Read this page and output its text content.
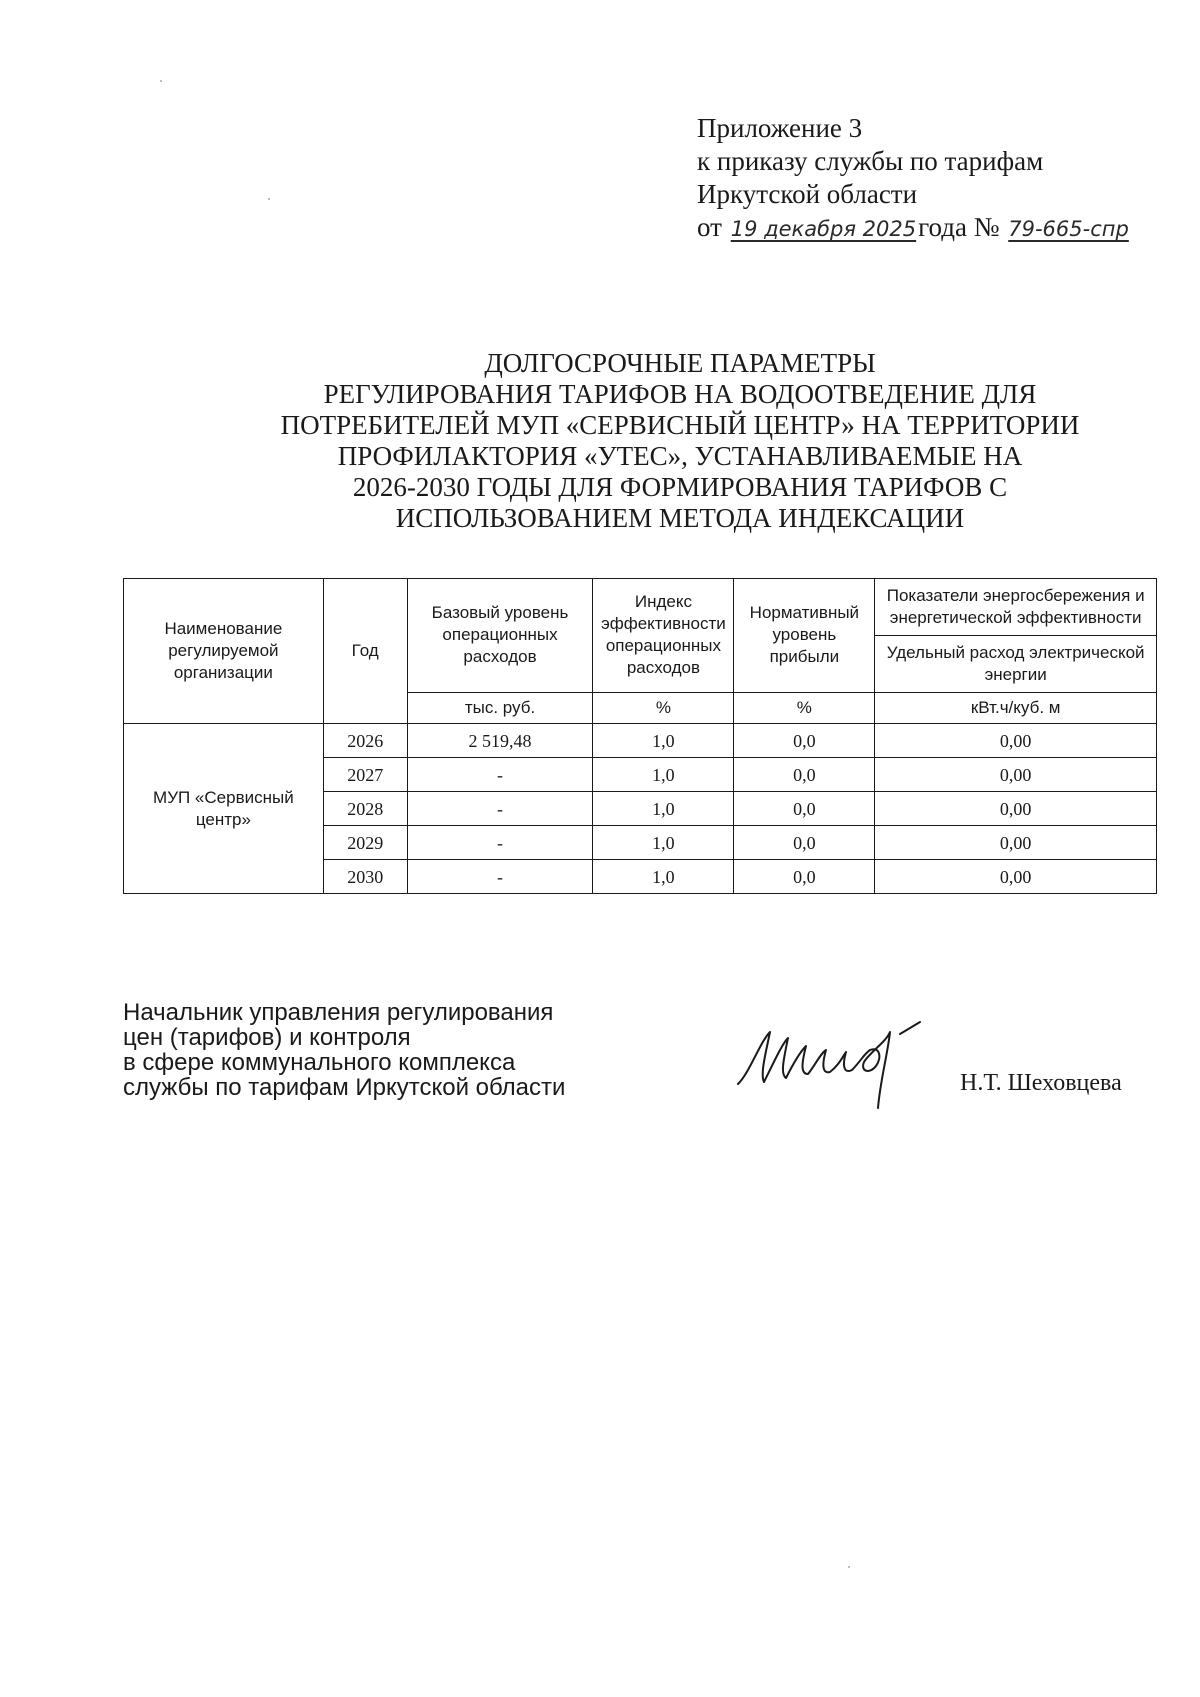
Приложение 3
к приказу службы по тарифам
Иркутской области
от 19 декабря 2025года № 79-665-спр
ДОЛГОСРОЧНЫЕ ПАРАМЕТРЫ
РЕГУЛИРОВАНИЯ ТАРИФОВ НА ВОДООТВЕДЕНИЕ ДЛЯ
ПОТРЕБИТЕЛЕЙ МУП «СЕРВИСНЫЙ ЦЕНТР» НА ТЕРРИТОРИИ
ПРОФИЛАКТОРИЯ «УТЕС», УСТАНАВЛИВАЕМЫЕ НА
2026-2030 ГОДЫ ДЛЯ ФОРМИРОВАНИЯ ТАРИФОВ С
ИСПОЛЬЗОВАНИЕМ МЕТОДА ИНДЕКСАЦИИ
Наименование регулируемой организации	Год	Базовый уровень операционных расходов	Индекс эффективности операционных расходов	Нормативный уровень прибыли	Показатели энергосбережения и энергетической эффективности
					Удельный расход электрической энергии
		тыс. руб.	%	%	кВт.ч/куб. м
МУП «Сервисный центр»	2026	2 519,48	1,0	0,0	0,00
	2027	-	1,0	0,0	0,00
	2028	-	1,0	0,0	0,00
	2029	-	1,0	0,0	0,00
	2030	-	1,0	0,0	0,00
Начальник управления регулирования
цен (тарифов) и контроля
в сфере коммунального комплекса
службы по тарифам Иркутской области	Н.Т. Шеховцева
